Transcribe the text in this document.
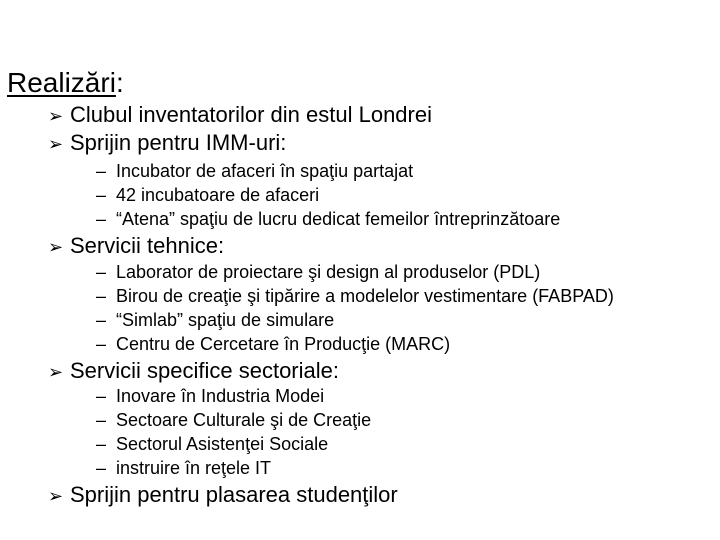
Realizări:
➢ Clubul inventatorilor din estul Londrei
➢ Sprijin pentru IMM-uri:
– Incubator de afaceri în spaţiu partajat
– 42 incubatoare de afaceri
– “Atena” spaţiu de lucru dedicat femeilor întreprinzătoare
➢ Servicii tehnice:
– Laborator de proiectare şi design al produselor (PDL)
– Birou de creaţie şi tipărire a modelelor vestimentare (FABPAD)
– “Simlab” spaţiu de simulare
– Centru de Cercetare în Producţie (MARC)
➢ Servicii specifice sectoriale:
– Inovare în Industria Modei
– Sectoare Culturale şi de Creaţie
– Sectorul Asistenţei Sociale
– instruire în reţele IT
➢ Sprijin pentru plasarea studenţilor
